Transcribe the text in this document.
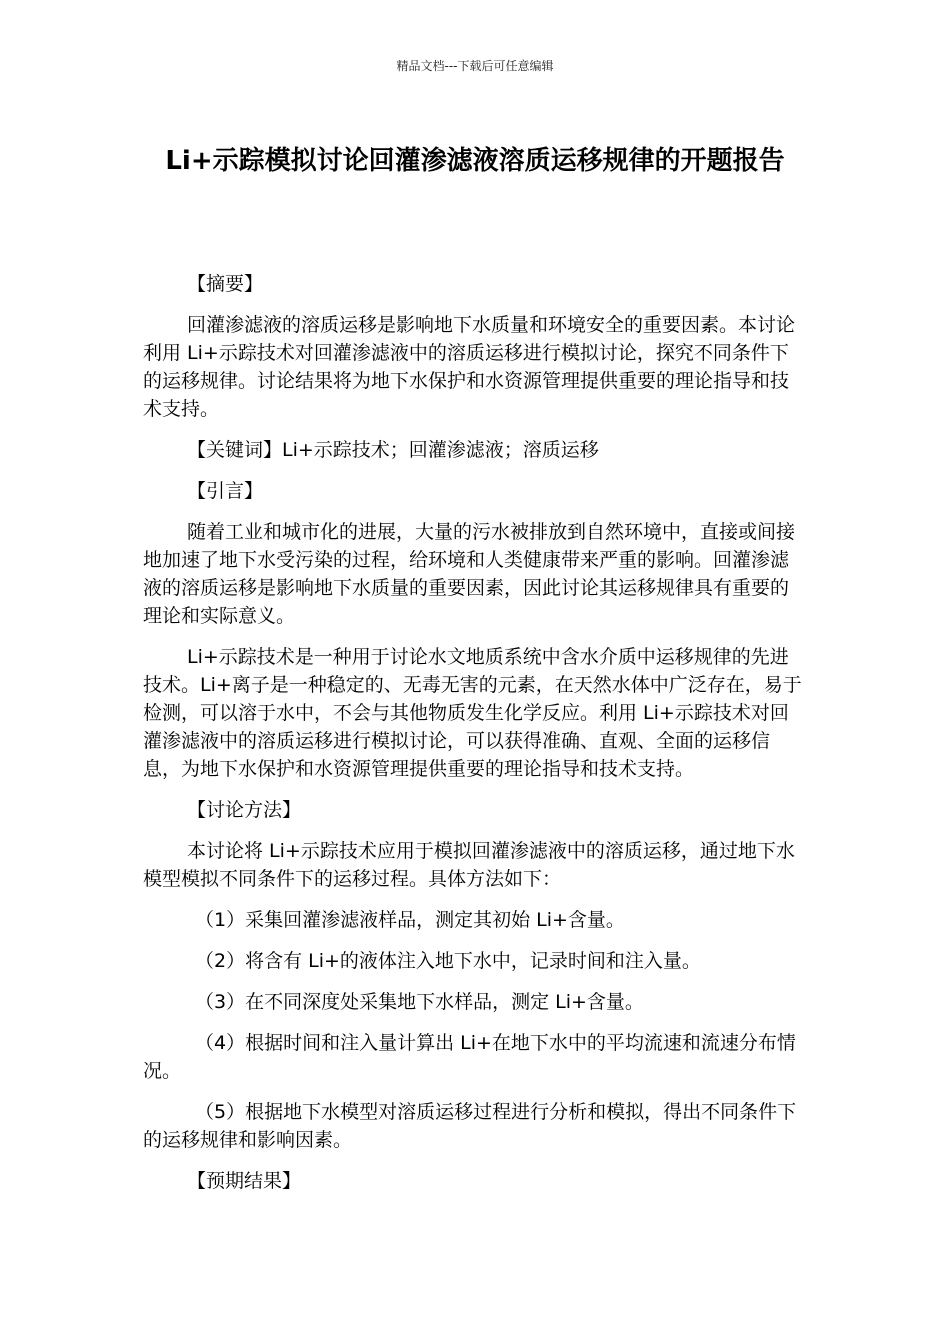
精品文档---下载后可任意编辑
Li+示踪模拟讨论回灌渗滤液溶质运移规律的开题报告

【摘要】

回灌渗滤液的溶质运移是影响地下水质量和环境安全的重要因素。本讨论利用 Li+示踪技术对回灌渗滤液中的溶质运移进行模拟讨论，探究不同条件下的运移规律。讨论结果将为地下水保护和水资源管理提供重要的理论指导和技术支持。

【关键词】Li+示踪技术；回灌渗滤液；溶质运移

【引言】

随着工业和城市化的进展，大量的污水被排放到自然环境中，直接或间接地加速了地下水受污染的过程，给环境和人类健康带来严重的影响。回灌渗滤液的溶质运移是影响地下水质量的重要因素，因此讨论其运移规律具有重要的理论和实际意义。

Li+示踪技术是一种用于讨论水文地质系统中含水介质中运移规律的先进技术。Li+离子是一种稳定的、无毒无害的元素，在天然水体中广泛存在，易于检测，可以溶于水中，不会与其他物质发生化学反应。利用 Li+示踪技术对回灌渗滤液中的溶质运移进行模拟讨论，可以获得准确、直观、全面的运移信息，为地下水保护和水资源管理提供重要的理论指导和技术支持。

【讨论方法】

本讨论将 Li+示踪技术应用于模拟回灌渗滤液中的溶质运移，通过地下水模型模拟不同条件下的运移过程。具体方法如下：

（1）采集回灌渗滤液样品，测定其初始 Li+含量。

（2）将含有 Li+的液体注入地下水中，记录时间和注入量。

（3）在不同深度处采集地下水样品，测定 Li+含量。

（4）根据时间和注入量计算出 Li+在地下水中的平均流速和流速分布情况。

（5）根据地下水模型对溶质运移过程进行分析和模拟，得出不同条件下的运移规律和影响因素。

【预期结果】
